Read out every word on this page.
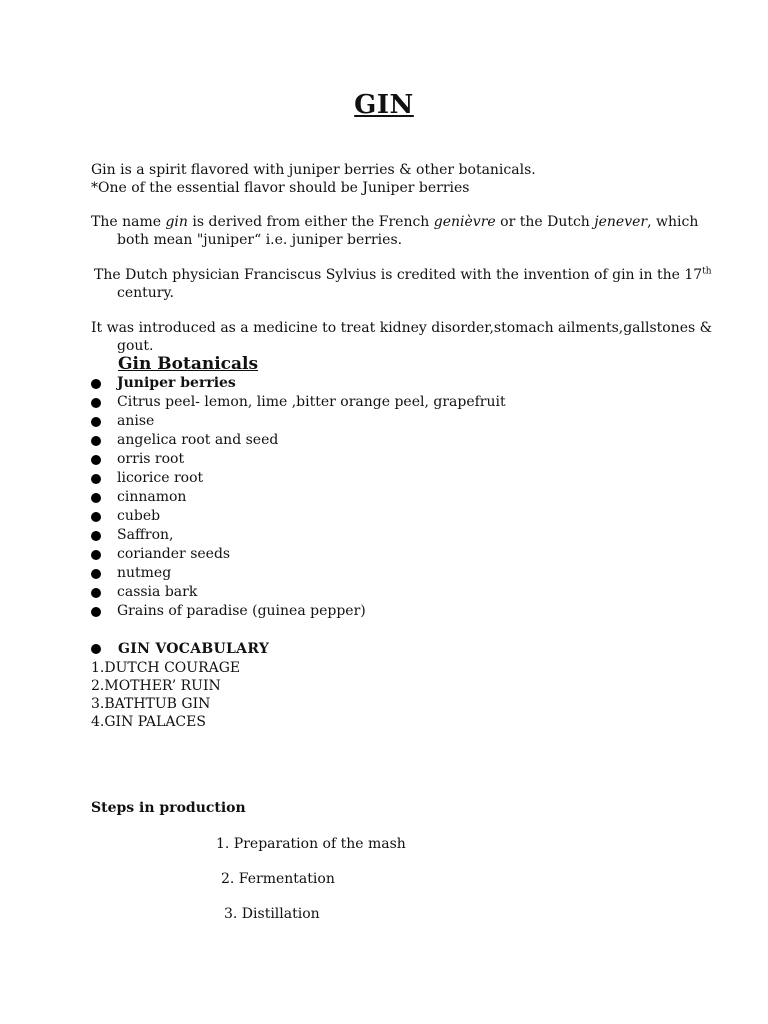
GIN
Gin is a spirit flavored with juniper berries & other botanicals.
*One of the essential flavor should be Juniper berries
The name gin is derived from either the French genièvre or the Dutch jenever, which
both mean "juniper“ i.e. juniper berries.
The Dutch physician Franciscus Sylvius is credited with the invention of gin in the 17th
century.
It was introduced as a medicine to treat kidney disorder,stomach ailments,gallstones &
gout.
Gin Botanicals
Juniper berries
Citrus peel- lemon, lime ,bitter orange peel, grapefruit
anise
angelica root and seed
orris root
licorice root
cinnamon
cubeb
Saffron,
coriander seeds
nutmeg
cassia bark
Grains of paradise (guinea pepper)
GIN VOCABULARY
1.DUTCH COURAGE
2.MOTHER’ RUIN
3.BATHTUB GIN
4.GIN PALACES
Steps in production
1. Preparation of the mash
2. Fermentation
3. Distillation
